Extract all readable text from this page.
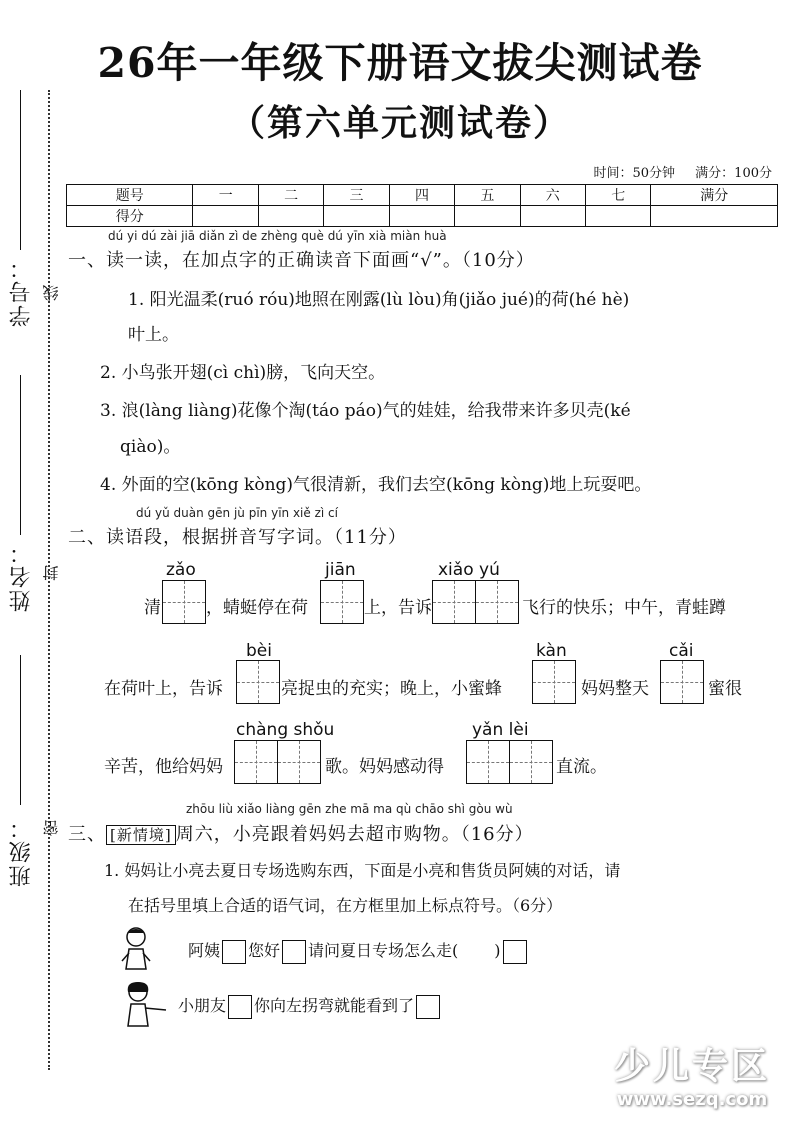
学号： 线
姓名： 封
班级： 密
26年一年级下册语文拔尖测试卷
（第六单元测试卷）
时间：50分钟 满分：100分
题号	一	二	三	四	五	六	七	满分
得分								
dú yi dú zài jiā diǎn zì de zhèng què dú yīn xià miàn huà
一、读一读，在加点字的正确读音下面画“√”。（10分）
1. 阳光温柔(ruó róu)地照在刚露(lù lòu)角(jiǎo jué)的荷(hé hè)
叶上。
2. 小鸟张开翅(cì chì)膀，飞向天空。
3. 浪(làng liàng)花像个淘(táo páo)气的娃娃，给我带来许多贝壳(ké
qiào)。
4. 外面的空(kōng kòng)气很清新，我们去空(kōng kòng)地上玩耍吧。
dú yǔ duàn gēn jù pīn yīn xiě zì cí
二、读语段，根据拼音写字词。（11分）
zǎo	jiān	xiǎo yú
清	，蜻蜓停在荷	上，告诉	飞行的快乐；中午，青蛙蹲
bèi	kàn	cǎi
在荷叶上，告诉	亮捉虫的充实；晚上，小蜜蜂	妈妈整天	蜜很
chàng shǒu	yǎn lèi
辛苦，他给妈妈	歌。妈妈感动得	直流。
zhōu liù xiǎo liàng gēn zhe mā ma qù chāo shì gòu wù
三、 [新情境] 周六，小亮跟着妈妈去超市购物。（16分）
1. 妈妈让小亮去夏日专场选购东西，下面是小亮和售货员阿姨的对话，请
在括号里填上合适的语气词，在方框里加上标点符号。（6分）
阿姨 您好 请问夏日专场怎么走( )
小朋友 你向左拐弯就能看到了
少儿专区
www.sezq.com
